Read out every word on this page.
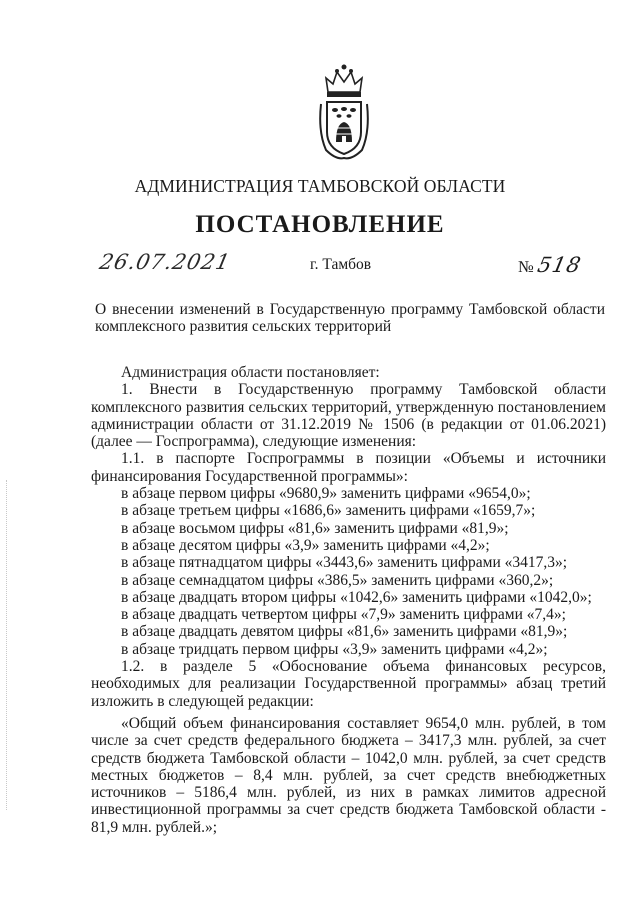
АДМИНИСТРАЦИЯ ТАМБОВСКОЙ ОБЛАСТИ
ПОСТАНОВЛЕНИЕ
26.07.2021	г. Тамбов	№518
О внесении изменений в Государственную программу Тамбовской области комплексного развития сельских территорий

Администрация области постановляет:

1. Внести в Государственную программу Тамбовской области комплексного развития сельских территорий, утвержденную постановлением администрации области от 31.12.2019 № 1506 (в редакции от 01.06.2021) (далее — Госпрограмма), следующие изменения:

1.1. в паспорте Госпрограммы в позиции «Объемы и источники финансирования Государственной программы»:

в абзаце первом цифры «9680,9» заменить цифрами «9654,0»;

в абзаце третьем цифры «1686,6» заменить цифрами «1659,7»;

в абзаце восьмом цифры «81,6» заменить цифрами «81,9»;

в абзаце десятом цифры «3,9» заменить цифрами «4,2»;

в абзаце пятнадцатом цифры «3443,6» заменить цифрами «3417,3»;

в абзаце семнадцатом цифры «386,5» заменить цифрами «360,2»;

в абзаце двадцать втором цифры «1042,6» заменить цифрами «1042,0»;

в абзаце двадцать четвертом цифры «7,9» заменить цифрами «7,4»;

в абзаце двадцать девятом цифры «81,6» заменить цифрами «81,9»;

в абзаце тридцать первом цифры «3,9» заменить цифрами «4,2»;

1.2. в разделе 5 «Обоснование объема финансовых ресурсов, необходимых для реализации Государственной программы» абзац третий изложить в следующей редакции:

«Общий объем финансирования составляет 9654,0 млн. рублей, в том числе за счет средств федерального бюджета – 3417,3 млн. рублей, за счет средств бюджета Тамбовской области – 1042,0 млн. рублей, за счет средств местных бюджетов – 8,4 млн. рублей, за счет средств внебюджетных источников – 5186,4 млн. рублей, из них в рамках лимитов адресной инвестиционной программы за счет средств бюджета Тамбовской области - 81,9 млн. рублей.»;
